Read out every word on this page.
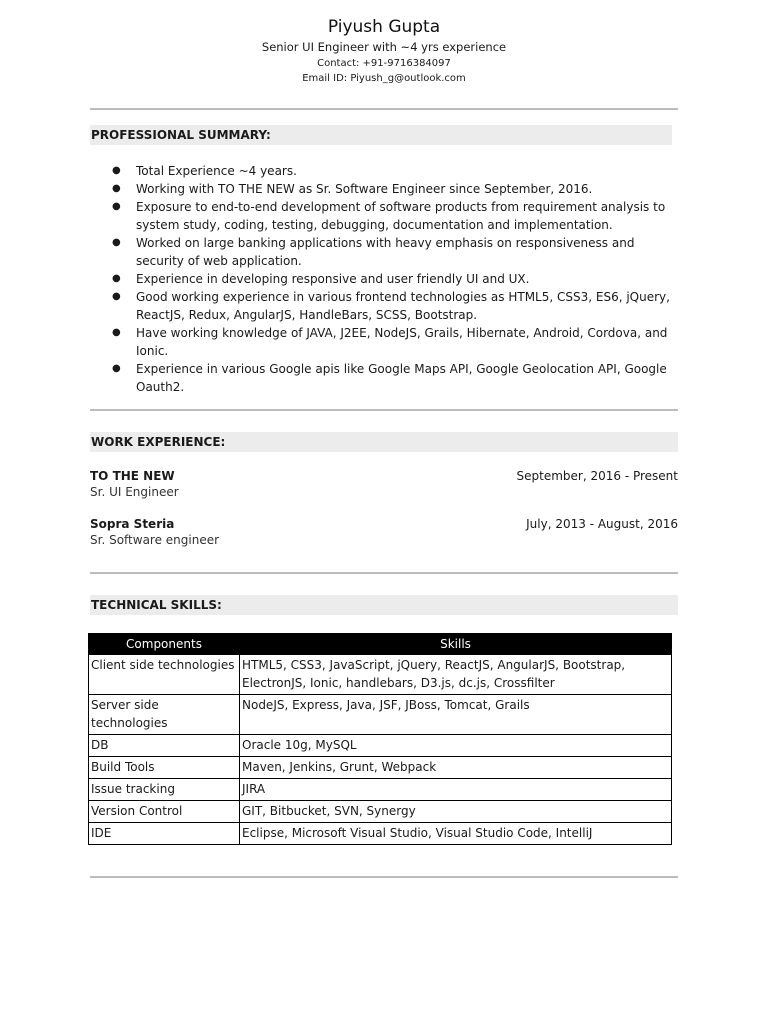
Piyush Gupta
Senior UI Engineer with ~4 yrs experience
Contact: +91-9716384097
Email ID: Piyush_g@outlook.com
PROFESSIONAL SUMMARY:
● Total Experience ~4 years.
● Working with TO THE NEW as Sr. Software Engineer since September, 2016.
● Exposure to end-to-end development of software products from requirement analysis to system study, coding, testing, debugging, documentation and implementation.
● Worked on large banking applications with heavy emphasis on responsiveness and security of web application.
● Experience in developing responsive and user friendly UI and UX.
● Good working experience in various frontend technologies as HTML5, CSS3, ES6, jQuery, ReactJS, Redux, AngularJS, HandleBars, SCSS, Bootstrap.
● Have working knowledge of JAVA, J2EE, NodeJS, Grails, Hibernate, Android, Cordova, and Ionic.
● Experience in various Google apis like Google Maps API, Google Geolocation API, Google Oauth2.
WORK EXPERIENCE:
TO THE NEW	September, 2016 - Present
Sr. UI Engineer
Sopra Steria	July, 2013 - August, 2016
Sr. Software engineer
TECHNICAL SKILLS:
Components	Skills
Client side technologies	HTML5, CSS3, JavaScript, jQuery, ReactJS, AngularJS, Bootstrap, ElectronJS, Ionic, handlebars, D3.js, dc.js, Crossfilter
Server side technologies	NodeJS, Express, Java, JSF, JBoss, Tomcat, Grails
DB	Oracle 10g, MySQL
Build Tools	Maven, Jenkins, Grunt, Webpack
Issue tracking	JIRA
Version Control	GIT, Bitbucket, SVN, Synergy
IDE	Eclipse, Microsoft Visual Studio, Visual Studio Code, IntelliJ
